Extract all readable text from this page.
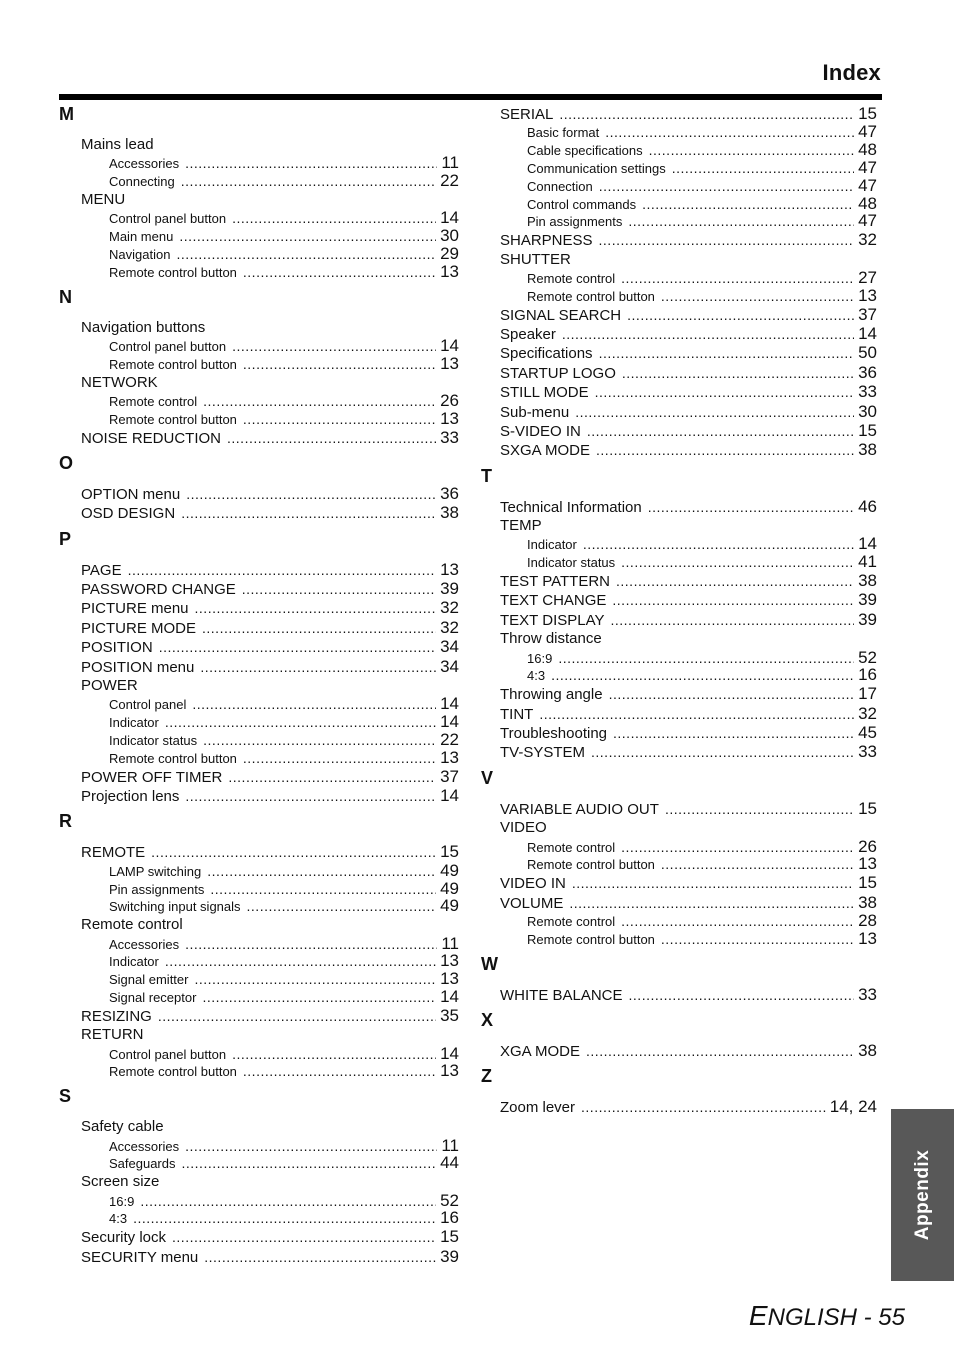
Index
M
Mains lead
Accessories .....	11
Connecting .....	22
MENU
Control panel button .....	14
Main menu .....	30
Navigation .....	29
Remote control button .....	13
N
Navigation buttons
Control panel button .....	14
Remote control button .....	13
NETWORK
Remote control .....	26
Remote control button .....	13
NOISE REDUCTION .....	33
O
OPTION menu .....	36
OSD DESIGN .....	38
P
PAGE .....	13
PASSWORD CHANGE .....	39
PICTURE menu .....	32
PICTURE MODE .....	32
POSITION .....	34
POSITION menu .....	34
POWER
Control panel .....	14
Indicator .....	14
Indicator status .....	22
Remote control button .....	13
POWER OFF TIMER .....	37
Projection lens .....	14
R
REMOTE .....	15
LAMP switching .....	49
Pin assignments .....	49
Switching input signals .....	49
Remote control
Accessories .....	11
Indicator .....	13
Signal emitter .....	13
Signal receptor .....	14
RESIZING .....	35
RETURN
Control panel button .....	14
Remote control button .....	13
S
Safety cable
Accessories .....	11
Safeguards .....	44
Screen size
16:9 .....	52
4:3 .....	16
Security lock .....	15
SECURITY menu .....	39
SERIAL .....	15
Basic format .....	47
Cable specifications .....	48
Communication settings .....	47
Connection .....	47
Control commands .....	48
Pin assignments .....	47
SHARPNESS .....	32
SHUTTER
Remote control .....	27
Remote control button .....	13
SIGNAL SEARCH .....	37
Speaker .....	14
Specifications .....	50
STARTUP LOGO .....	36
STILL MODE .....	33
Sub-menu .....	30
S-VIDEO IN .....	15
SXGA MODE .....	38
T
Technical Information .....	46
TEMP
Indicator .....	14
Indicator status .....	41
TEST PATTERN .....	38
TEXT CHANGE .....	39
TEXT DISPLAY .....	39
Throw distance
16:9 .....	52
4:3 .....	16
Throwing angle .....	17
TINT .....	32
Troubleshooting .....	45
TV-SYSTEM .....	33
V
VARIABLE AUDIO OUT .....	15
VIDEO
Remote control .....	26
Remote control button .....	13
VIDEO IN .....	15
VOLUME .....	38
Remote control .....	28
Remote control button .....	13
W
WHITE BALANCE .....	33
X
XGA MODE .....	38
Z
Zoom lever .....	14, 24
Appendix
ENGLISH - 55
